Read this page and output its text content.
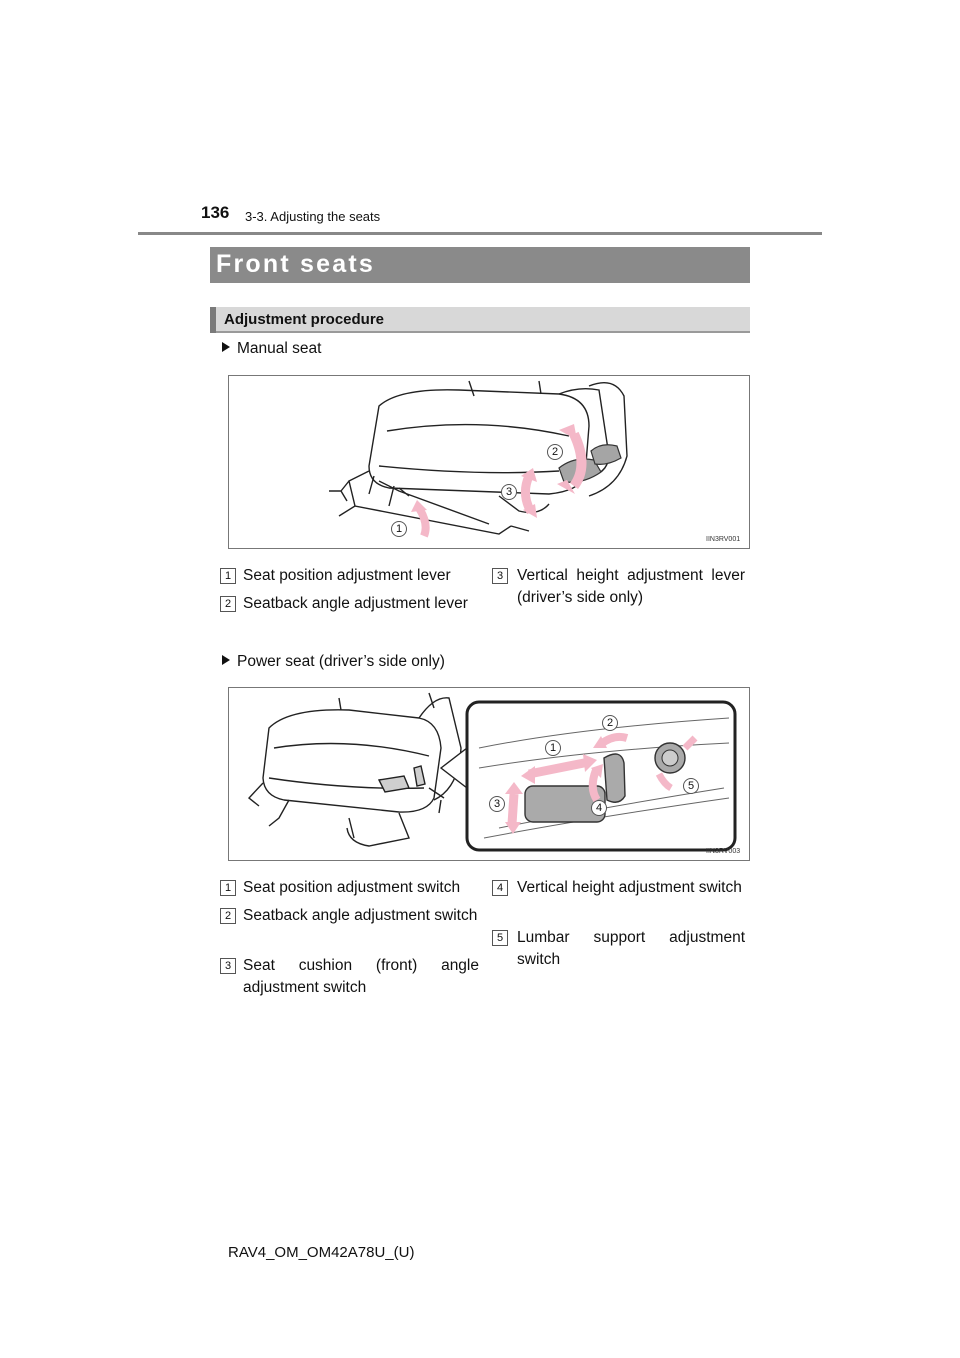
136 3-3. Adjusting the seats
Front seats
Adjustment procedure
Manual seat
2
3
1
IIN3RV001
1 Seat position adjustment lever
2 Seatback angle adjustment lever
3 Vertical height adjustment lever (driver’s side only)
Power seat (driver’s side only)
1
2
3	4
5
IIN3RV003
1 Seat position adjustment switch
2 Seatback angle adjustment switch
3 Seat cushion (front) angle adjustment switch
4 Vertical height adjustment switch
5 Lumbar support adjustment switch
RAV4_OM_OM42A78U_(U)
